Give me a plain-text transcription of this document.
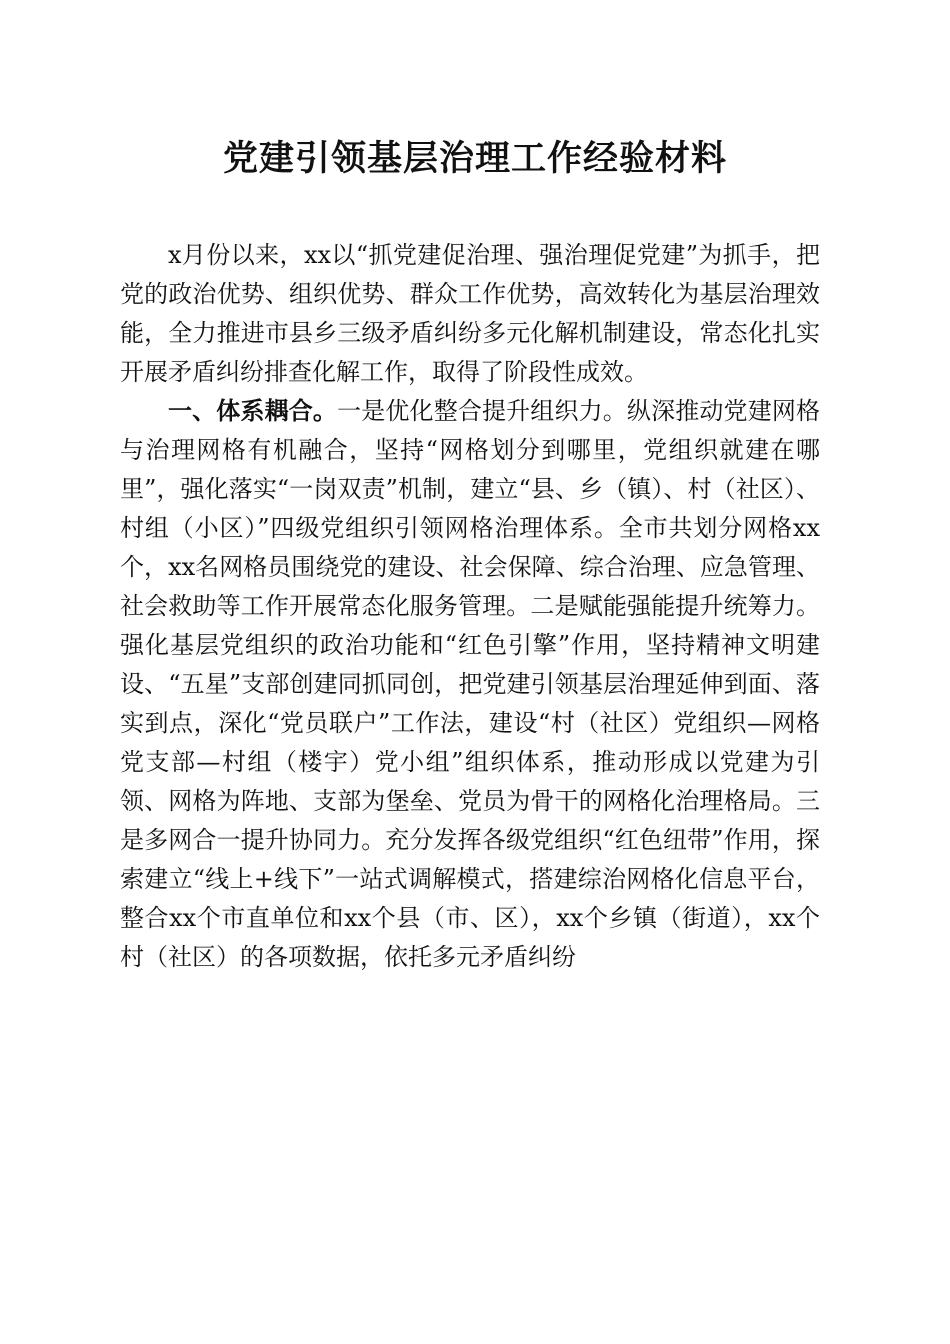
党建引领基层治理工作经验材料

x月份以来，xx以“抓党建促治理、强治理促党建”为抓手，把党的政治优势、组织优势、群众工作优势，高效转化为基层治理效能，全力推进市县乡三级矛盾纠纷多元化解机制建设，常态化扎实开展矛盾纠纷排查化解工作，取得了阶段性成效。

一、体系耦合。一是优化整合提升组织力。纵深推动党建网格与治理网格有机融合，坚持“网格划分到哪里，党组织就建在哪里”，强化落实“一岗双责”机制，建立“县、乡（镇）、村（社区）、村组（小区）”四级党组织引领网格治理体系。全市共划分网格xx个，xx名网格员围绕党的建设、社会保障、综合治理、应急管理、社会救助等工作开展常态化服务管理。二是赋能强能提升统筹力。强化基层党组织的政治功能和“红色引擎”作用，坚持精神文明建设、“五星”支部创建同抓同创，把党建引领基层治理延伸到面、落实到点，深化“党员联户”工作法，建设“村（社区）党组织—网格党支部—村组（楼宇）党小组”组织体系，推动形成以党建为引领、网格为阵地、支部为堡垒、党员为骨干的网格化治理格局。三是多网合一提升协同力。充分发挥各级党组织“红色纽带”作用，探索建立“线上+线下”一站式调解模式，搭建综治网格化信息平台，整合xx个市直单位和xx个县（市、区），xx个乡镇（街道），xx个村（社区）的各项数据，依托多元矛盾纠纷
